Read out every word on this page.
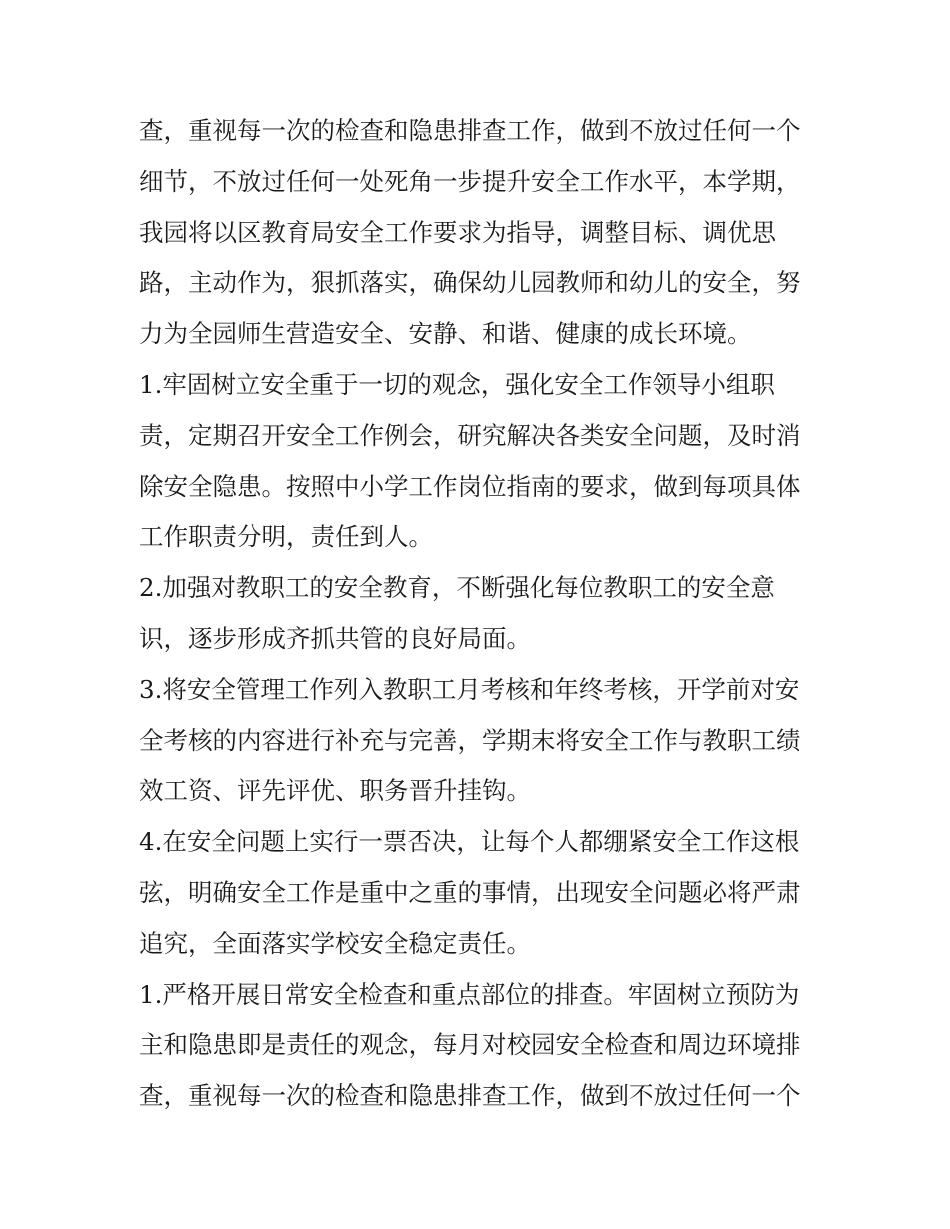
查，重视每一次的检查和隐患排查工作，做到不放过任何一个
细节，不放过任何一处死角一步提升安全工作水平，本学期，
我园将以区教育局安全工作要求为指导，调整目标、调优思
路，主动作为，狠抓落实，确保幼儿园教师和幼儿的安全，努
力为全园师生营造安全、安静、和谐、健康的成长环境。
1.牢固树立安全重于一切的观念，强化安全工作领导小组职
责，定期召开安全工作例会，研究解决各类安全问题，及时消
除安全隐患。按照中小学工作岗位指南的要求，做到每项具体
工作职责分明，责任到人。
2.加强对教职工的安全教育，不断强化每位教职工的安全意
识，逐步形成齐抓共管的良好局面。
3.将安全管理工作列入教职工月考核和年终考核，开学前对安
全考核的内容进行补充与完善，学期末将安全工作与教职工绩
效工资、评先评优、职务晋升挂钩。
4.在安全问题上实行一票否决，让每个人都绷紧安全工作这根
弦，明确安全工作是重中之重的事情，出现安全问题必将严肃
追究，全面落实学校安全稳定责任。
1.严格开展日常安全检查和重点部位的排查。牢固树立预防为
主和隐患即是责任的观念，每月对校园安全检查和周边环境排
查，重视每一次的检查和隐患排查工作，做到不放过任何一个
